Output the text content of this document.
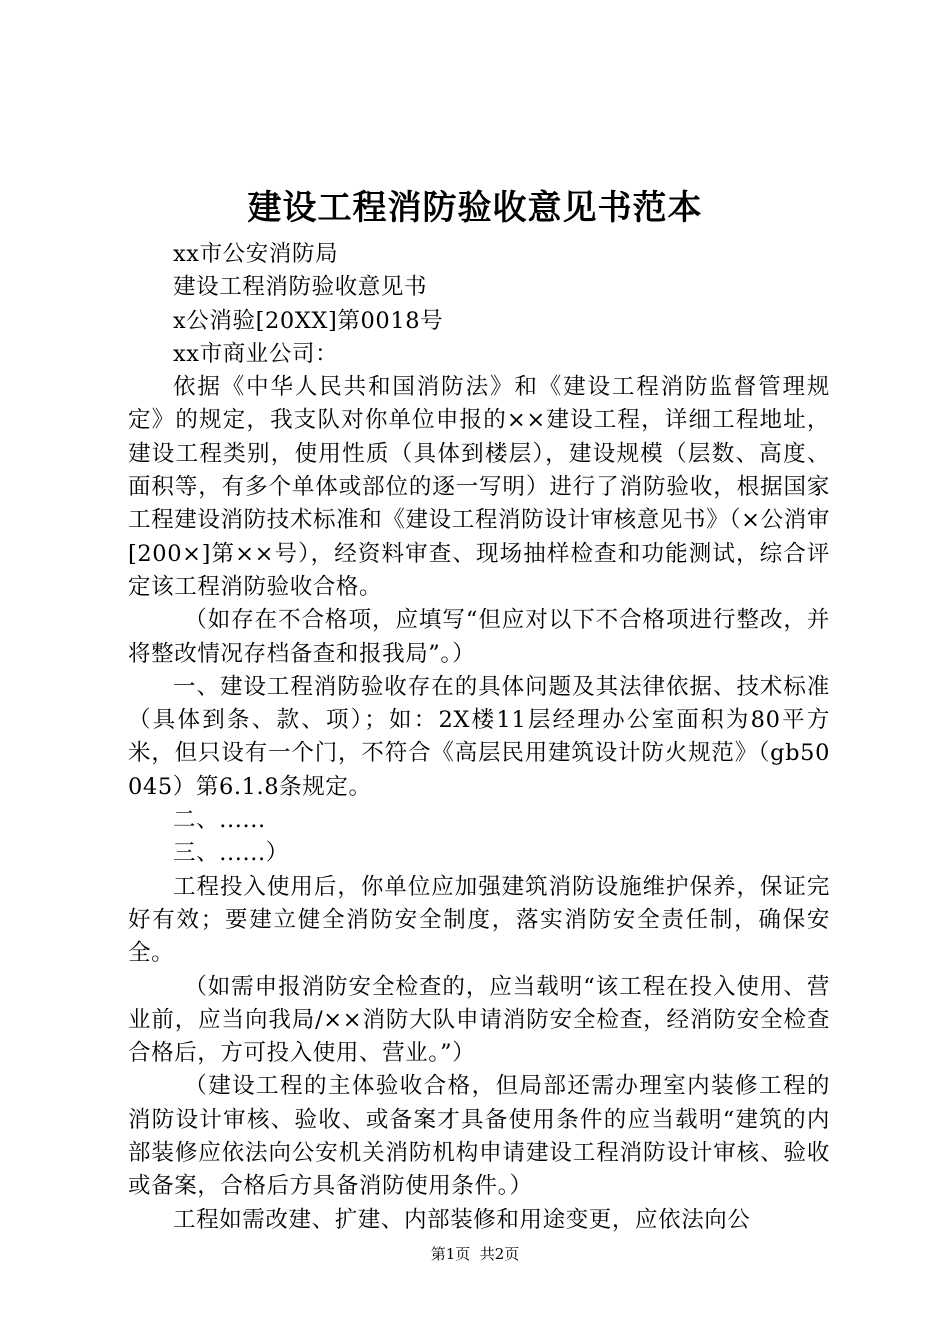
建设工程消防验收意见书范本

xx市公安消防局

建设工程消防验收意见书

x公消验[20XX]第0018号

xx市商业公司：

依据《中华人民共和国消防法》和《建设工程消防监督管理规定》的规定，我支队对你单位申报的××建设工程，详细工程地址，建设工程类别，使用性质（具体到楼层），建设规模（层数、高度、面积等，有多个单体或部位的逐一写明）进行了消防验收，根据国家工程建设消防技术标准和《建设工程消防设计审核意见书》（×公消审[200×]第××号），经资料审查、现场抽样检查和功能测试，综合评定该工程消防验收合格。

（如存在不合格项，应填写“但应对以下不合格项进行整改，并将整改情况存档备查和报我局”。）

一、建设工程消防验收存在的具体问题及其法律依据、技术标准（具体到条、款、项）；如：2X楼11层经理办公室面积为80平方米，但只设有一个门，不符合《高层民用建筑设计防火规范》（gb50045）第6.1.8条规定。

二、......

三、......）

工程投入使用后，你单位应加强建筑消防设施维护保养，保证完好有效；要建立健全消防安全制度，落实消防安全责任制，确保安全。

（如需申报消防安全检查的，应当载明“该工程在投入使用、营业前，应当向我局/××消防大队申请消防安全检查，经消防安全检查合格后，方可投入使用、营业。”）

（建设工程的主体验收合格，但局部还需办理室内装修工程的消防设计审核、验收、或备案才具备使用条件的应当载明“建筑的内部装修应依法向公安机关消防机构申请建设工程消防设计审核、验收或备案，合格后方具备消防使用条件。）

工程如需改建、扩建、内部装修和用途变更，应依法向公

第1页  共2页
